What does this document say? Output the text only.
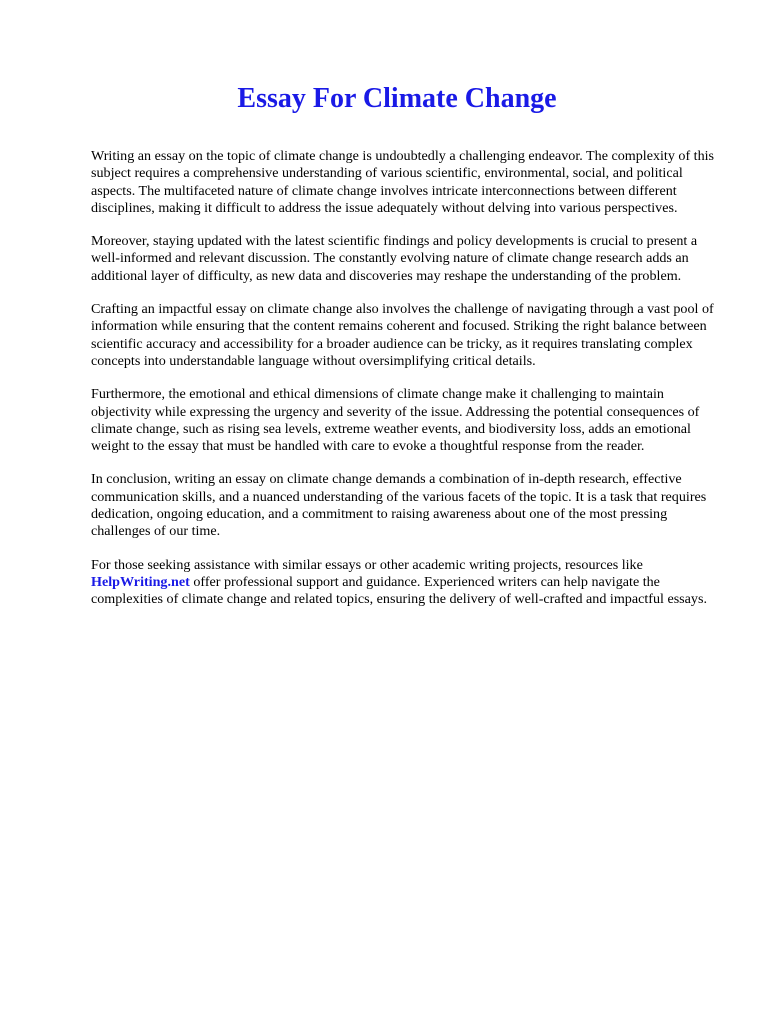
Essay For Climate Change

Writing an essay on the topic of climate change is undoubtedly a challenging endeavor. The complexity of this subject requires a comprehensive understanding of various scientific, environmental, social, and political aspects. The multifaceted nature of climate change involves intricate interconnections between different disciplines, making it difficult to address the issue adequately without delving into various perspectives.

Moreover, staying updated with the latest scientific findings and policy developments is crucial to present a well-informed and relevant discussion. The constantly evolving nature of climate change research adds an additional layer of difficulty, as new data and discoveries may reshape the understanding of the problem.

Crafting an impactful essay on climate change also involves the challenge of navigating through a vast pool of information while ensuring that the content remains coherent and focused. Striking the right balance between scientific accuracy and accessibility for a broader audience can be tricky, as it requires translating complex concepts into understandable language without oversimplifying critical details.

Furthermore, the emotional and ethical dimensions of climate change make it challenging to maintain objectivity while expressing the urgency and severity of the issue. Addressing the potential consequences of climate change, such as rising sea levels, extreme weather events, and biodiversity loss, adds an emotional weight to the essay that must be handled with care to evoke a thoughtful response from the reader.

In conclusion, writing an essay on climate change demands a combination of in-depth research, effective communication skills, and a nuanced understanding of the various facets of the topic. It is a task that requires dedication, ongoing education, and a commitment to raising awareness about one of the most pressing challenges of our time.

For those seeking assistance with similar essays or other academic writing projects, resources like HelpWriting.net offer professional support and guidance. Experienced writers can help navigate the complexities of climate change and related topics, ensuring the delivery of well-crafted and impactful essays.
